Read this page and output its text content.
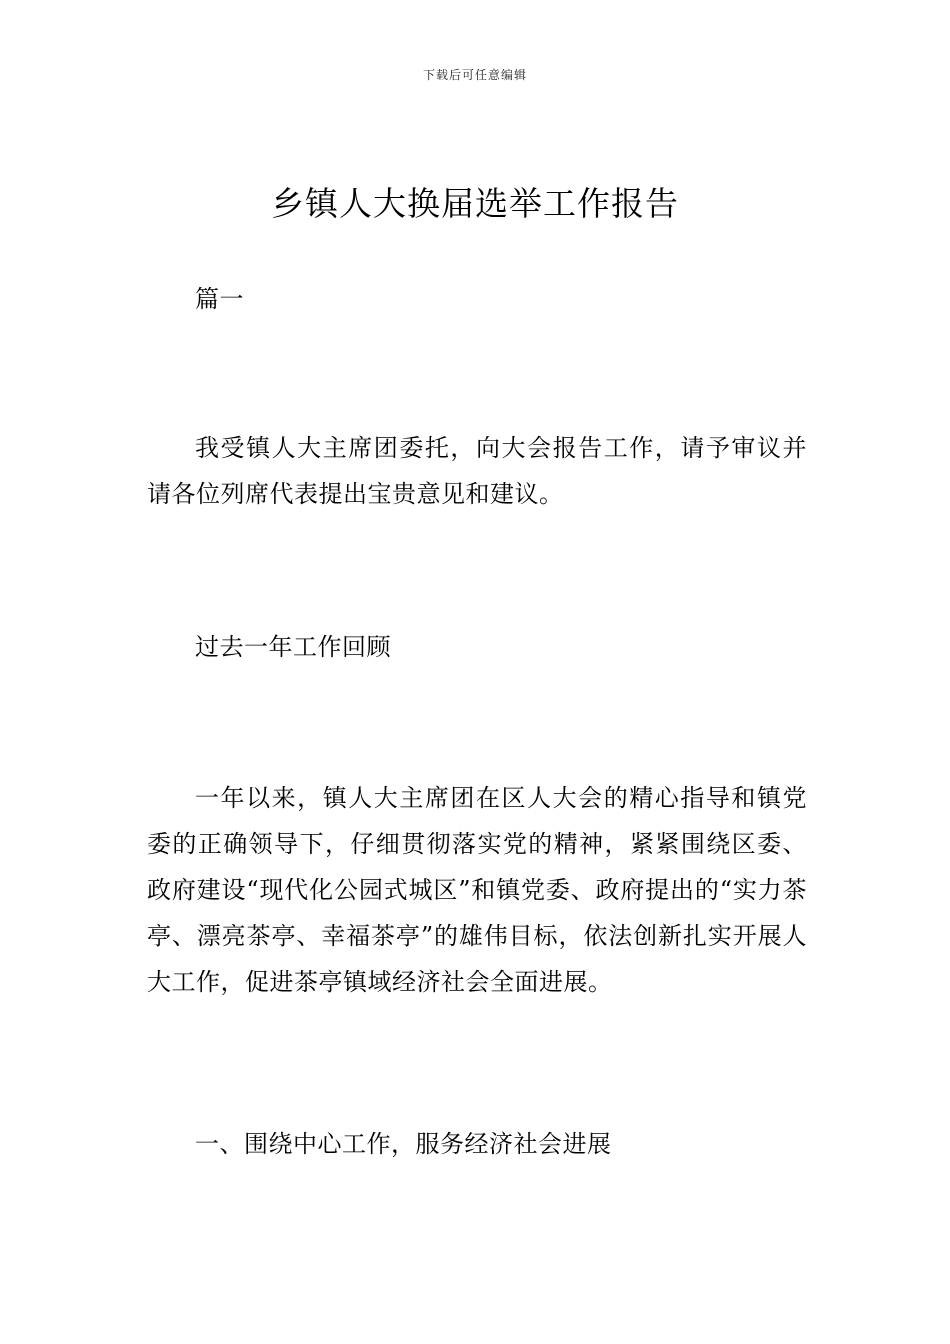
下载后可任意编辑
乡镇人大换届选举工作报告

篇一

我受镇人大主席团委托，向大会报告工作，请予审议并请各位列席代表提出宝贵意见和建议。

过去一年工作回顾

一年以来，镇人大主席团在区人大会的精心指导和镇党委的正确领导下，仔细贯彻落实党的精神，紧紧围绕区委、政府建设“现代化公园式城区”和镇党委、政府提出的“实力茶亭、漂亮茶亭、幸福茶亭”的雄伟目标，依法创新扎实开展人大工作，促进茶亭镇域经济社会全面进展。

一、围绕中心工作，服务经济社会进展
